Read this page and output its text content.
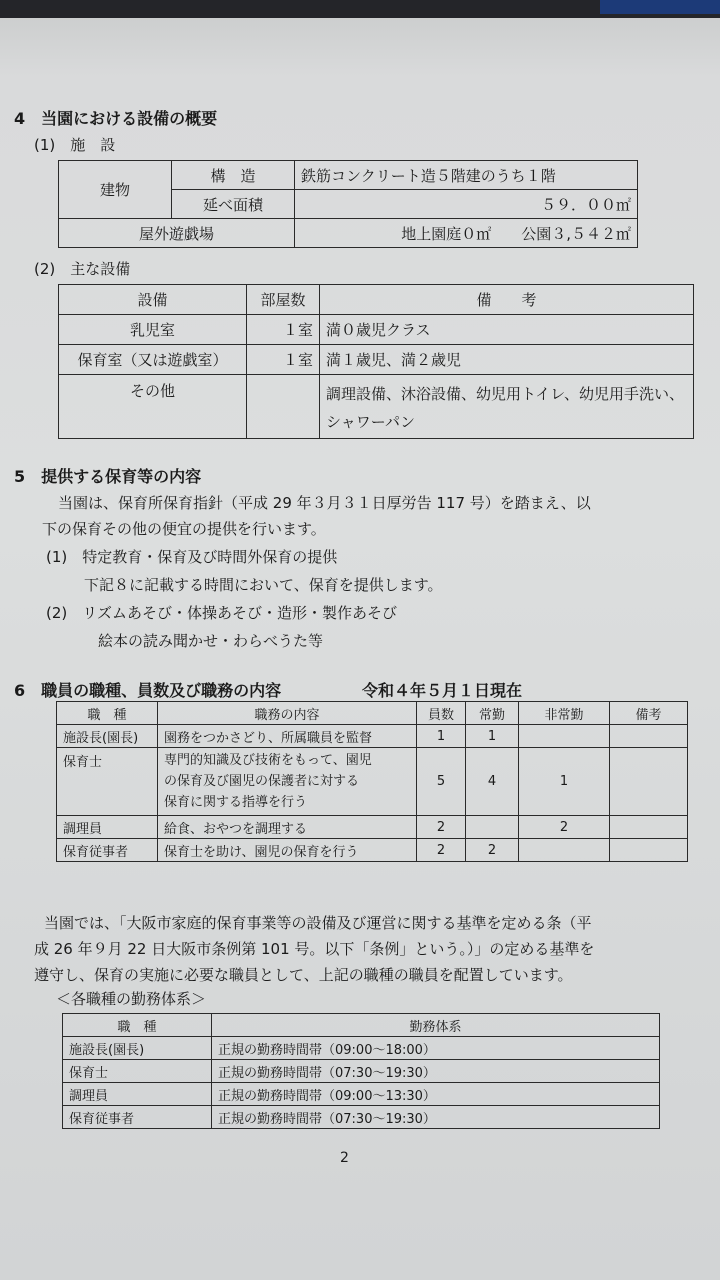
4　当園における設備の概要
(1)　施　設
建物	構　造	鉄筋コンクリート造５階建のうち１階
	延べ面積	５９．００㎡
屋外遊戯場		地上園庭０㎡　　公園３,５４２㎡
(2)　主な設備
設備	部屋数	備　　考
乳児室	１室	満０歳児クラス
保育室（又は遊戯室）	１室	満１歳児、満２歳児
その他		調理設備、沐浴設備、幼児用トイレ、幼児用手洗い、
シャワーパン
5　提供する保育等の内容
当園は、保育所保育指針（平成 29 年３月３１日厚労告 117 号）を踏まえ、以
下の保育その他の便宜の提供を行います。
(1)　特定教育・保育及び時間外保育の提供
下記８に記載する時間において、保育を提供します。
(2)　リズムあそび・体操あそび・造形・製作あそび
絵本の読み聞かせ・わらべうた等
6　職員の職種、員数及び職務の内容	令和４年５月１日現在
職　種	職務の内容	員数	常勤	非常勤	備考
施設長(園長)	園務をつかさどり、所属職員を監督	1	1		
保育士	専門的知識及び技術をもって、園児
の保育及び園児の保護者に対する
保育に関する指導を行う	5	4	1	
調理員	給食、おやつを調理する	2		2	
保育従事者	保育士を助け、園児の保育を行う	2	2		
当園では、「大阪市家庭的保育事業等の設備及び運営に関する基準を定める条（平
成 26 年９月 22 日大阪市条例第 101 号。以下「条例」という。）」の定める基準を
遵守し、保育の実施に必要な職員として、上記の職種の職員を配置しています。
＜各職種の勤務体系＞
職　種	勤務体系
施設長(園長)	正規の勤務時間帯（09:00～18:00）
保育士	正規の勤務時間帯（07:30～19:30）
調理員	正規の勤務時間帯（09:00～13:30）
保育従事者	正規の勤務時間帯（07:30～19:30）
2
